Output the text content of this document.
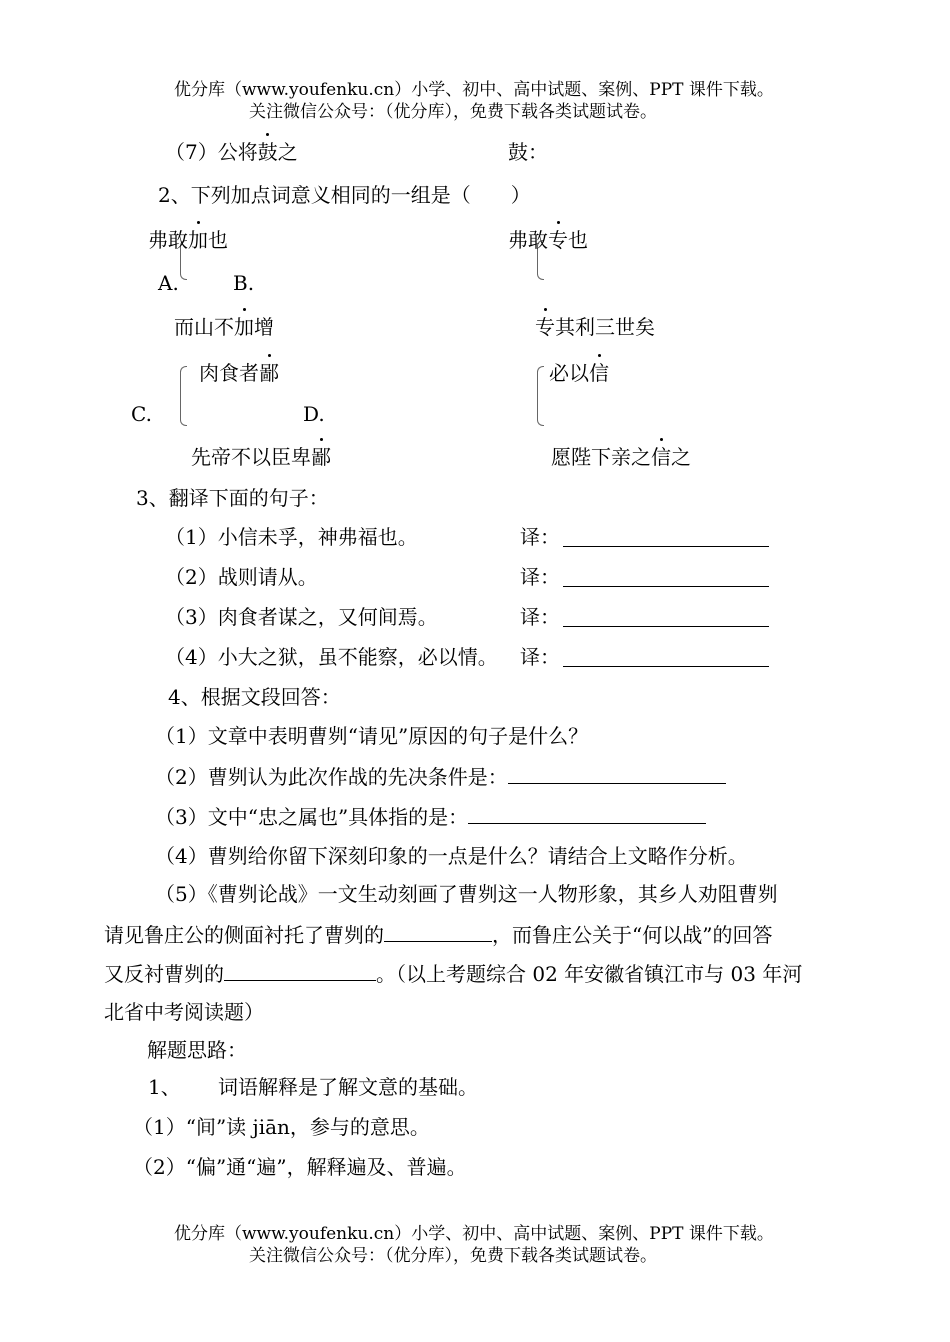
优分库（www.youfenku.cn）小学、初中、高中试题、案例、PPT 课件下载。
关注微信公众号：（优分库），免费下载各类试题试卷。
（7）公将鼓之	鼓：
2、下列加点词意义相同的一组是（　　）
弗敢加也
A.
而山不加增
弗敢专也
B.
专其利三世矣
肉食者鄙
C.
先帝不以臣卑鄙
必以信
D.
愿陛下亲之信之
3、翻译下面的句子：
（1）小信未孚，神弗福也。	译：
（2）战则请从。	译：
（3）肉食者谋之，又何间焉。	译：
（4）小大之狱，虽不能察，必以情。 译：
4、根据文段回答：
（1）文章中表明曹刿“请见”原因的句子是什么？
（2）曹刿认为此次作战的先决条件是：
（3）文中“忠之属也”具体指的是：
（4）曹刿给你留下深刻印象的一点是什么？请结合上文略作分析。
（5）《曹刿论战》一文生动刻画了曹刿这一人物形象，其乡人劝阻曹刿
请见鲁庄公的侧面衬托了曹刿的	，而鲁庄公关于“何以战”的回答
又反衬曹刿的	。（以上考题综合 02 年安徽省镇江市与 03 年河
北省中考阅读题）
解题思路：
1、 词语解释是了解文意的基础。
（1）“间”读 jiān，参与的意思。
（2）“偏”通“遍”，解释遍及、普遍。
优分库（www.youfenku.cn）小学、初中、高中试题、案例、PPT 课件下载。
关注微信公众号：（优分库），免费下载各类试题试卷。
